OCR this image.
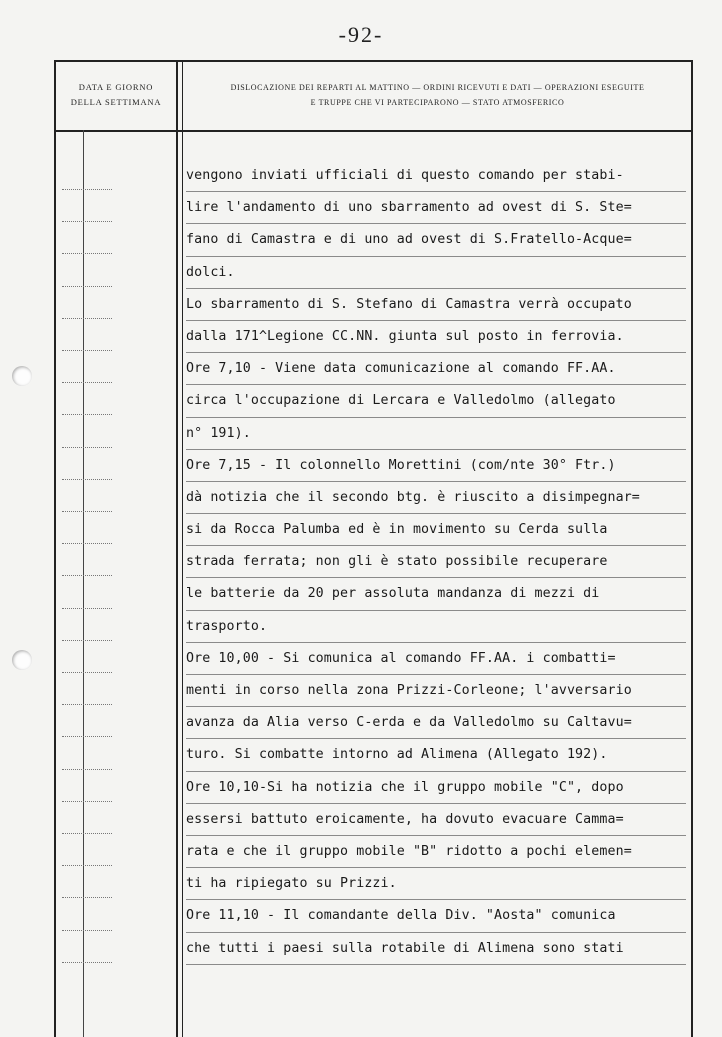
-92-
DATA E GIORNO
DELLA SETTIMANA
DISLOCAZIONE DEI REPARTI AL MATTINO — ORDINI RICEVUTI E DATI — OPERAZIONI ESEGUITE
E TRUPPE CHE VI PARTECIPARONO — STATO ATMOSFERICO
vengono inviati ufficiali di questo comando per stabi-
lire l'andamento di uno sbarramento ad ovest di S. Ste=
fano di Camastra e di uno ad ovest di S.Fratello-Acque=
dolci.
Lo sbarramento di S. Stefano di Camastra verrà occupato
dalla 171^Legione CC.NN. giunta sul posto in ferrovia.
Ore 7,10 - Viene data comunicazione al comando FF.AA.
circa l'occupazione di Lercara e Valledolmo (allegato
n° 191).
Ore 7,15 - Il colonnello Morettini (com/nte 30° Ftr.)
dà notizia che il secondo btg. è riuscito a disimpegnar=
si da Rocca Palumba ed è in movimento su Cerda sulla
strada ferrata; non gli è stato possibile recuperare
le batterie da 20 per assoluta mandanza di mezzi di
trasporto.
Ore 10,00 - Si comunica al comando FF.AA. i combatti=
menti in corso nella zona Prizzi-Corleone; l'avversario
avanza da Alia verso C-erda e da Valledolmo su Caltavu=
turo. Si combatte intorno ad Alimena (Allegato 192).
Ore 10,10-Si ha notizia che il gruppo mobile "C", dopo
essersi battuto eroicamente, ha dovuto evacuare Camma=
rata e che il gruppo mobile "B" ridotto a pochi elemen=
ti ha ripiegato su Prizzi.
Ore 11,10 - Il comandante della Div. "Aosta" comunica
che tutti i paesi sulla rotabile di Alimena sono stati
